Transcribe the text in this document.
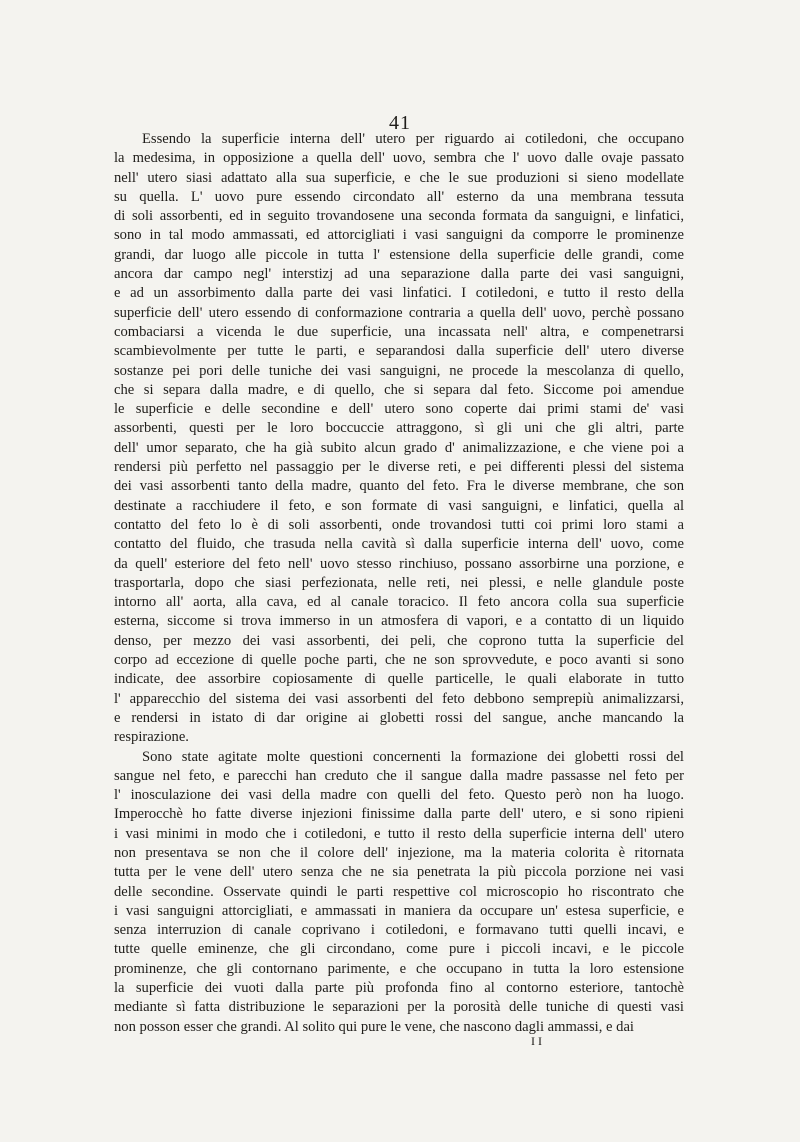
41
Essendo la superficie interna dell' utero per riguardo ai cotiledoni, che occupano
la medesima, in opposizione a quella dell' uovo, sembra che l' uovo dalle ovaje passato
nell' utero siasi adattato alla sua superficie, e che le sue produzioni si sieno modellate
su quella. L' uovo pure essendo circondato all' esterno da una membrana tessuta
di soli assorbenti, ed in seguito trovandosene una seconda formata da sanguigni, e linfatici,
sono in tal modo ammassati, ed attorcigliati i vasi sanguigni da comporre le prominenze
grandi, dar luogo alle piccole in tutta l' estensione della superficie delle grandi, come
ancora dar campo negl' interstizj ad una separazione dalla parte dei vasi sanguigni,
e ad un assorbimento dalla parte dei vasi linfatici. I cotiledoni, e tutto il resto della
superficie dell' utero essendo di conformazione contraria a quella dell' uovo, perchè possano
combaciarsi a vicenda le due superficie, una incassata nell' altra, e compenetrarsi
scambievolmente per tutte le parti, e separandosi dalla superficie dell' utero diverse
sostanze pei pori delle tuniche dei vasi sanguigni, ne procede la mescolanza di quello,
che si separa dalla madre, e di quello, che si separa dal feto. Siccome poi amendue
le superficie e delle secondine e dell' utero sono coperte dai primi stami de' vasi
assorbenti, questi per le loro boccuccie attraggono, sì gli uni che gli altri, parte
dell' umor separato, che ha già subito alcun grado d' animalizzazione, e che viene poi a
rendersi più perfetto nel passaggio per le diverse reti, e pei differenti plessi del sistema
dei vasi assorbenti tanto della madre, quanto del feto. Fra le diverse membrane, che son
destinate a racchiudere il feto, e son formate di vasi sanguigni, e linfatici, quella al
contatto del feto lo è di soli assorbenti, onde trovandosi tutti coi primi loro stami a
contatto del fluido, che trasuda nella cavità sì dalla superficie interna dell' uovo, come
da quell' esteriore del feto nell' uovo stesso rinchiuso, possano assorbirne una porzione, e
trasportarla, dopo che siasi perfezionata, nelle reti, nei plessi, e nelle glandule poste
intorno all' aorta, alla cava, ed al canale toracico. Il feto ancora colla sua superficie
esterna, siccome si trova immerso in un atmosfera di vapori, e a contatto di un liquido
denso, per mezzo dei vasi assorbenti, dei peli, che coprono tutta la superficie del
corpo ad eccezione di quelle poche parti, che ne son sprovvedute, e poco avanti si sono
indicate, dee assorbire copiosamente di quelle particelle, le quali elaborate in tutto
l' apparecchio del sistema dei vasi assorbenti del feto debbono semprepiù animalizzarsi,
e rendersi in istato di dar origine ai globetti rossi del sangue, anche mancando la
respirazione.
Sono state agitate molte questioni concernenti la formazione dei globetti rossi del
sangue nel feto, e parecchi han creduto che il sangue dalla madre passasse nel feto per
l' inosculazione dei vasi della madre con quelli del feto. Questo però non ha luogo.
Imperocchè ho fatte diverse injezioni finissime dalla parte dell' utero, e si sono ripieni
i vasi minimi in modo che i cotiledoni, e tutto il resto della superficie interna dell' utero
non presentava se non che il colore dell' injezione, ma la materia colorita è ritornata
tutta per le vene dell' utero senza che ne sia penetrata la più piccola porzione nei vasi
delle secondine. Osservate quindi le parti respettive col microscopio ho riscontrato che
i vasi sanguigni attorcigliati, e ammassati in maniera da occupare un' estesa superficie, e
senza interruzion di canale coprivano i cotiledoni, e formavano tutti quelli incavi, e
tutte quelle eminenze, che gli circondano, come pure i piccoli incavi, e le piccole
prominenze, che gli contornano parimente, e che occupano in tutta la loro estensione
la superficie dei vuoti dalla parte più profonda fino al contorno esteriore, tantochè
mediante sì fatta distribuzione le separazioni per la porosità delle tuniche di questi vasi
non posson esser che grandi. Al solito qui pure le vene, che nascono dagli ammassi, e dai
II
